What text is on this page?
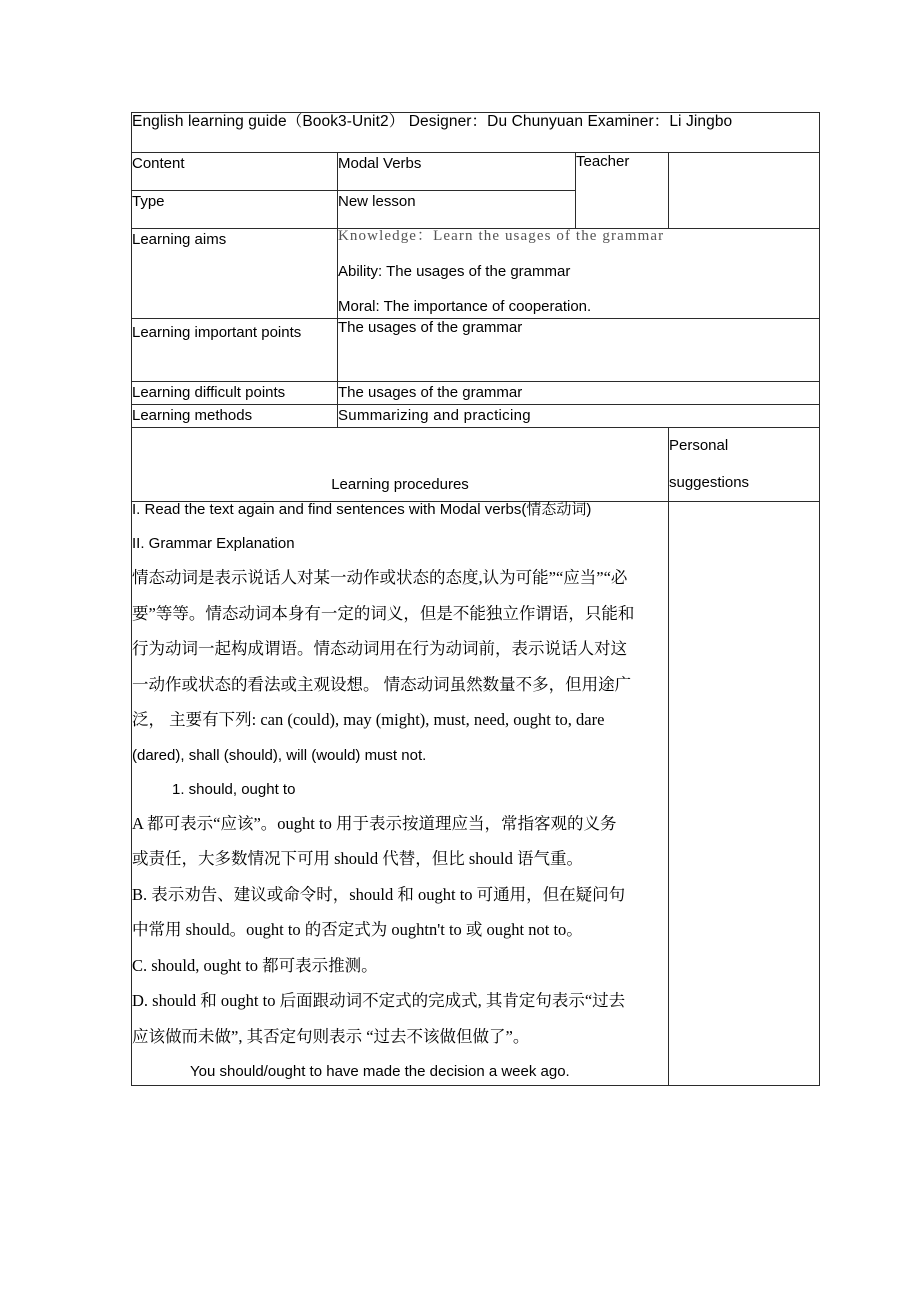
English learning guide（Book3-Unit2） Designer：Du Chunyuan Examiner：Li Jingbo			

Content	Modal Verbs	Teacher	
Type	New lesson		
Learning aims	Knowledge：Learn the usages of the grammar
Ability: The usages of the grammar
Moral: The importance of cooperation.		

Learning important points	The usages of the grammar		
Learning difficult points	The usages of the grammar		
Learning methods	Summarizing and practicing		

Learning procedures			Personal
suggestions

I. Read the text again and find sentences with Modal verbs(情态动词)
II. Grammar Explanation
情态动词是表示说话人对某一动作或状态的态度,认为可能”“应当”“必
要”等等。情态动词本身有一定的词义，但是不能独立作谓语，只能和
行为动词一起构成谓语。情态动词用在行为动词前，表示说话人对这
一动作或状态的看法或主观设想。 情态动词虽然数量不多，但用途广
泛， 主要有下列: can (could), may (might), must, need, ought to, dare
(dared), shall (should), will (would) must not.
1. should, ought to
A 都可表示“应该”。ought to 用于表示按道理应当，常指客观的义务
或责任，大多数情况下可用 should 代替，但比 should 语气重。
B. 表示劝告、建议或命令时，should 和 ought to 可通用，但在疑问句
中常用 should。ought to 的否定式为 oughtn't to 或 ought not to。
C. should, ought to 都可表示推测。
D. should 和 ought to 后面跟动词不定式的完成式, 其肯定句表示“过去
应该做而未做”, 其否定句则表示 “过去不该做但做了”。
You should/ought to have made the decision a week ago.
